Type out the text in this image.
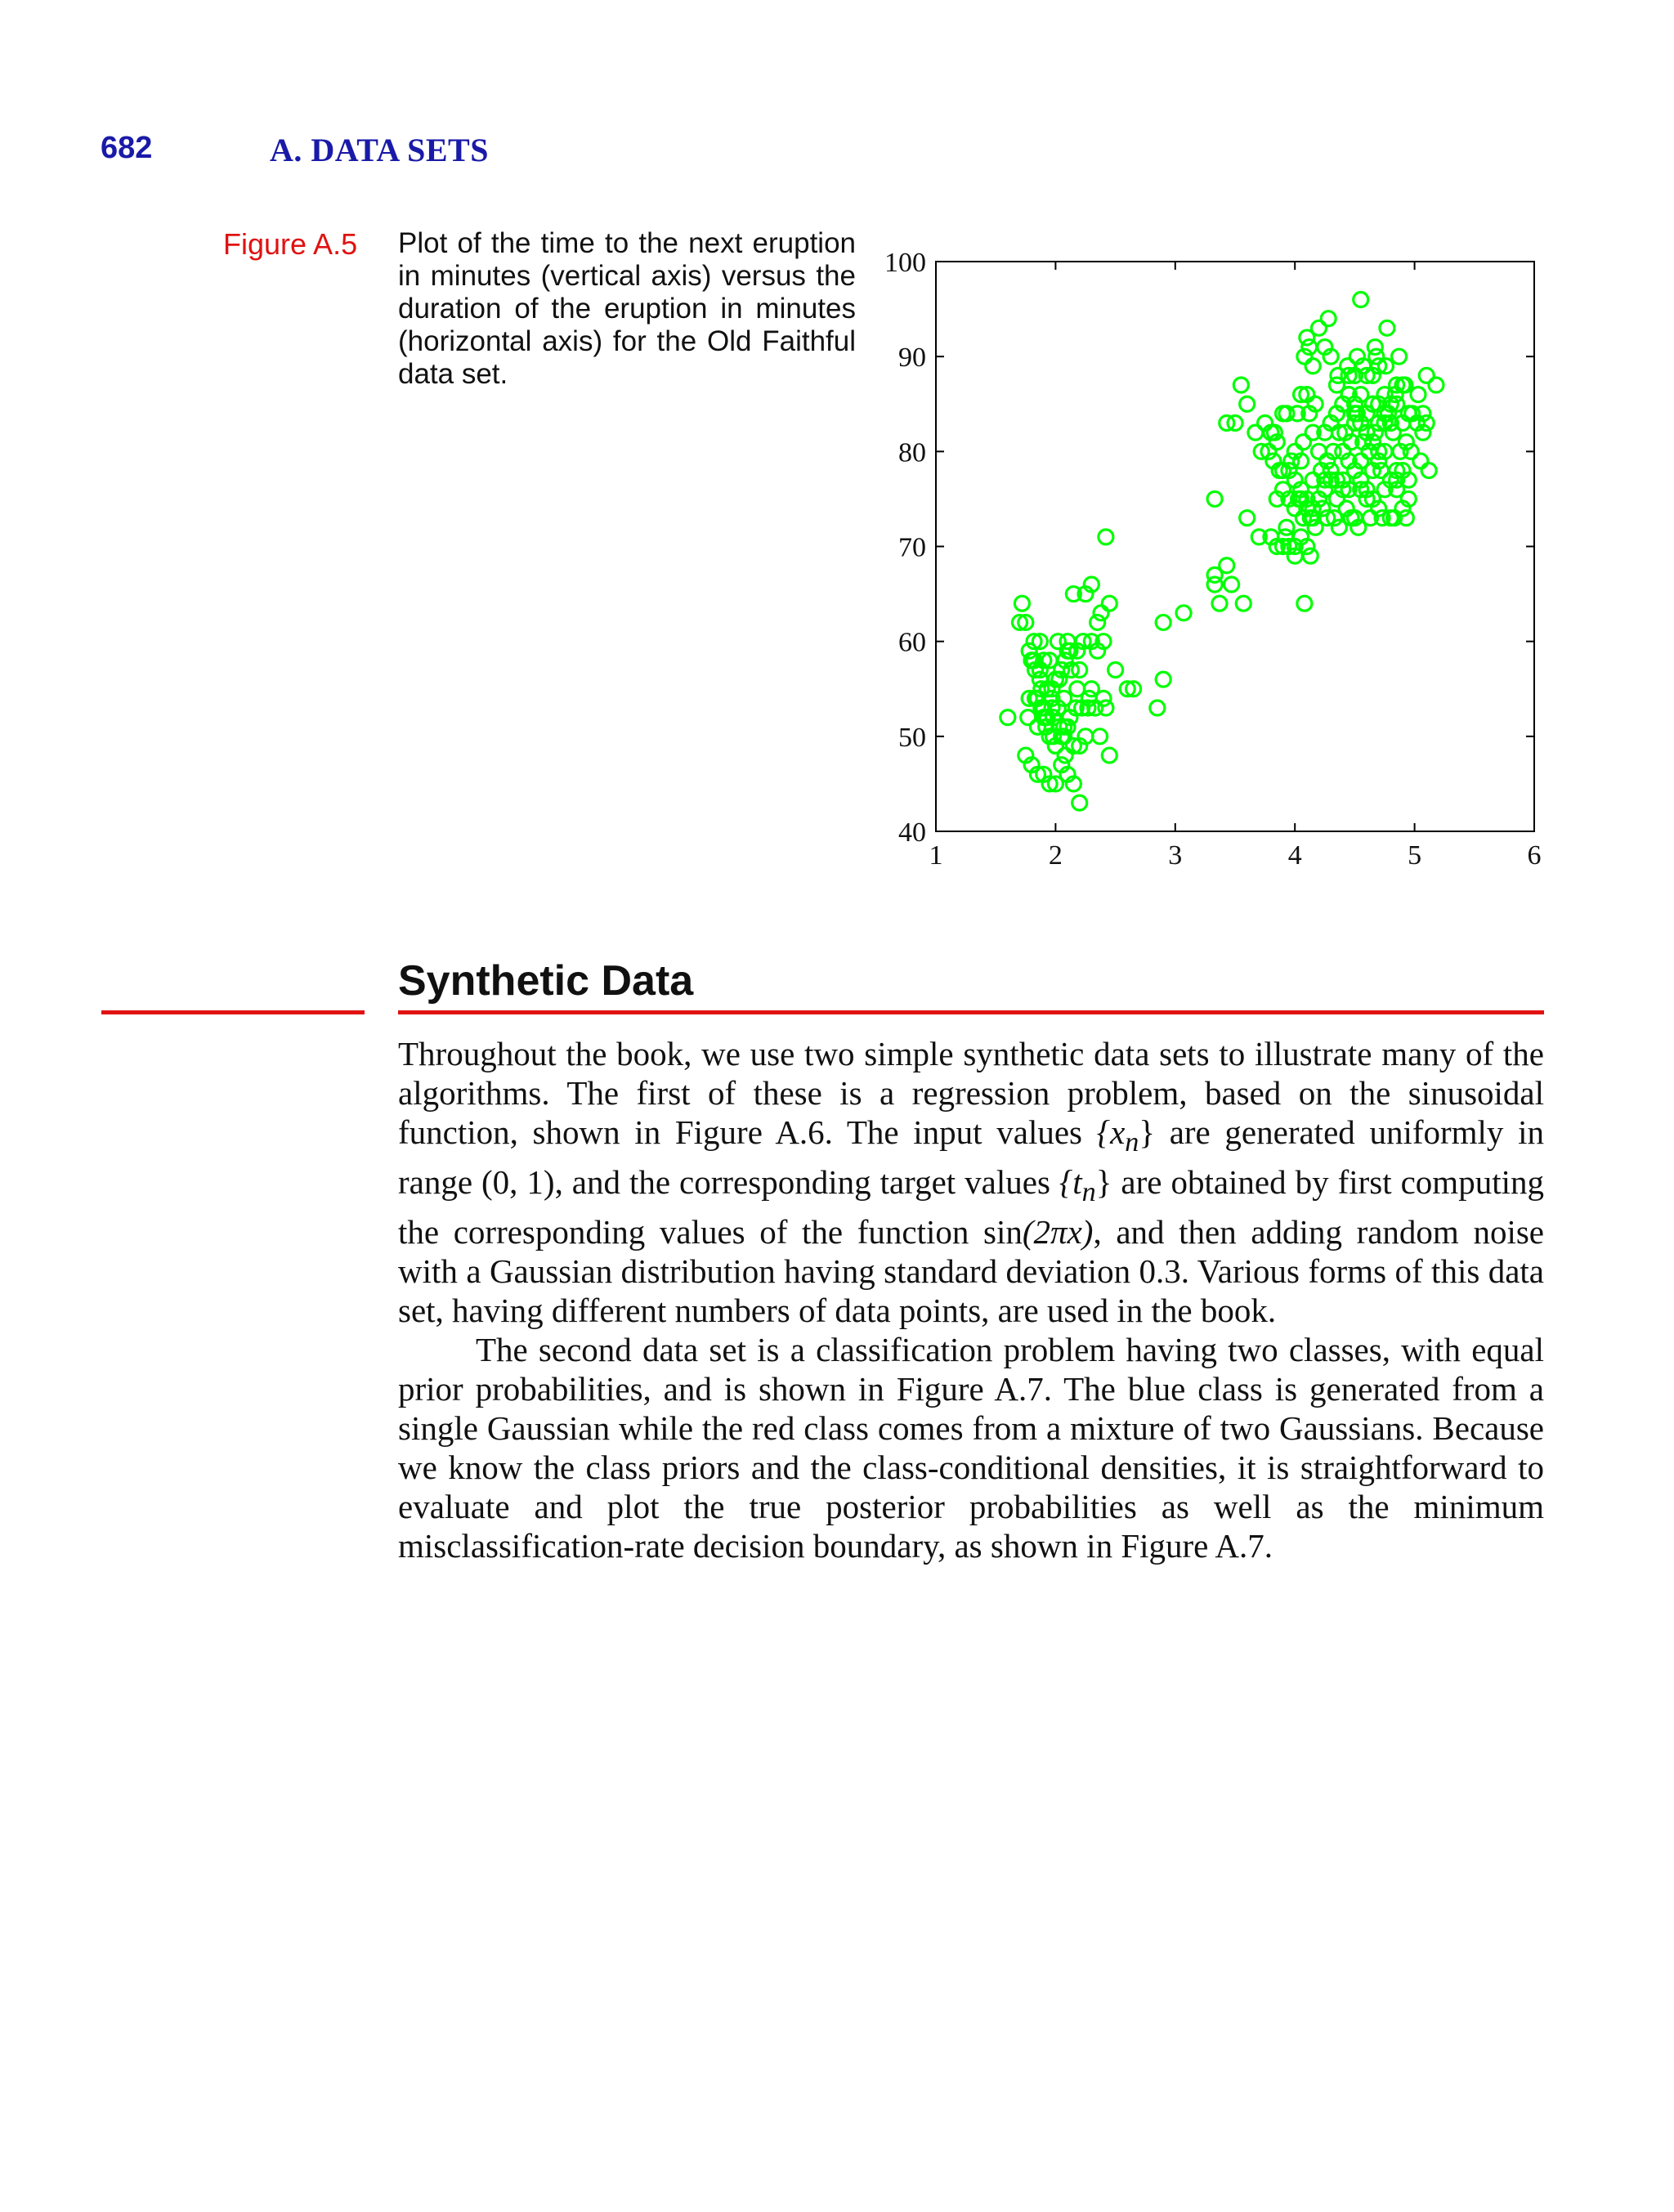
682	A. DATA SETS
Figure A.5 Plot of the time to the next eruption in minutes (vertical axis) versus the duration of the eruption in minutes (horizontal axis) for the Old Faithful data set.
1	2	3	4	5	6
40
50
60
70
80
90
100
Synthetic Data

Throughout the book, we use two simple synthetic data sets to illustrate many of the algorithms. The first of these is a regression problem, based on the sinusoidal function, shown in Figure A.6. The input values $\{x_n\}$ are generated uniformly in range (0, 1), and the corresponding target values $\{t_n\}$ are obtained by first computing the corresponding values of the function sin(2πx), and then adding random noise with a Gaussian distribution having standard deviation 0.3. Various forms of this data set, having different numbers of data points, are used in the book.

The second data set is a classification problem having two classes, with equal prior probabilities, and is shown in Figure A.7. The blue class is generated from a single Gaussian while the red class comes from a mixture of two Gaussians. Because we know the class priors and the class-conditional densities, it is straightforward to evaluate and plot the true posterior probabilities as well as the minimum misclassification-rate decision boundary, as shown in Figure A.7.
